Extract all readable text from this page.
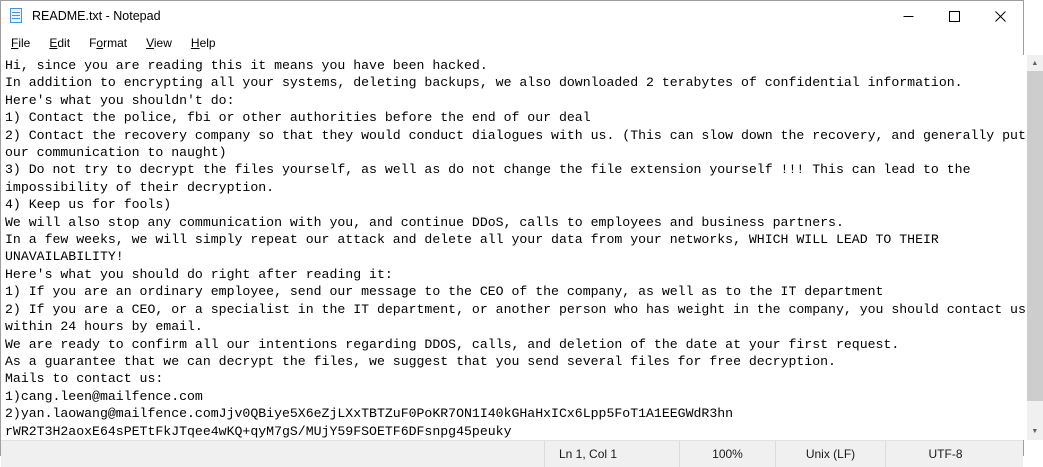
README.txt - Notepad
File	Edit	Format	View	Help
Hi, since you are reading this it means you have been hacked.
In addition to encrypting all your systems, deleting backups, we also downloaded 2 terabytes of confidential information.
Here's what you shouldn't do:
1) Contact the police, fbi or other authorities before the end of our deal
2) Contact the recovery company so that they would conduct dialogues with us. (This can slow down the recovery, and generally put
our communication to naught)
3) Do not try to decrypt the files yourself, as well as do not change the file extension yourself !!! This can lead to the
impossibility of their decryption.
4) Keep us for fools)
We will also stop any communication with you, and continue DDoS, calls to employees and business partners.
In a few weeks, we will simply repeat our attack and delete all your data from your networks, WHICH WILL LEAD TO THEIR
UNAVAILABILITY!
Here's what you should do right after reading it:
1) If you are an ordinary employee, send our message to the CEO of the company, as well as to the IT department
2) If you are a CEO, or a specialist in the IT department, or another person who has weight in the company, you should contact us
within 24 hours by email.
We are ready to confirm all our intentions regarding DDOS, calls, and deletion of the date at your first request.
As a guarantee that we can decrypt the files, we suggest that you send several files for free decryption.
Mails to contact us:
1)cang.leen@mailfence.com
2)yan.laowang@mailfence.comJjv0QBiye5X6eZjLXxTBTZuF0PoKR7ON1I40kGHaHxICx6Lpp5FoT1A1EEGWdR3hn
rWR2T3H2aoxE64sPETtFkJTqee4wKQ+qyM7gS/MUjY59FSOETF6DFsnpg45peuky
▲
▼
Ln 1, Col 1	100%	Unix (LF)	UTF-8
